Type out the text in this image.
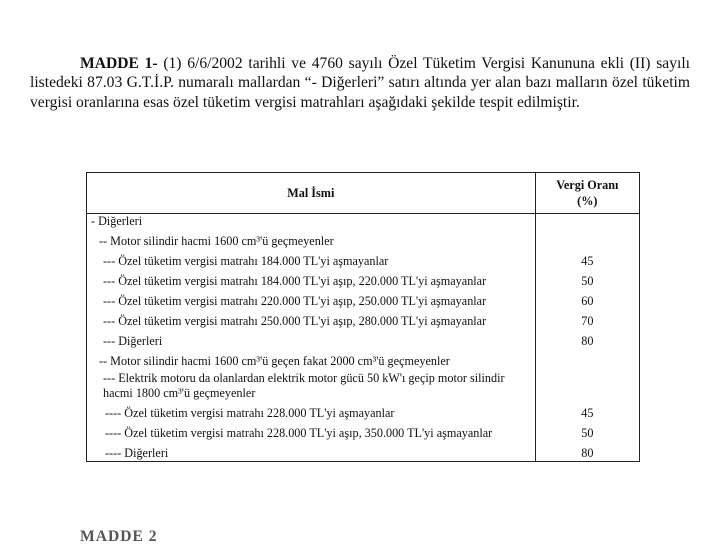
MADDE 1- (1) 6/6/2002 tarihli ve 4760 sayılı Özel Tüketim Vergisi Kanununa ekli (II) sayılı listedeki 87.03 G.T.İ.P. numaralı mallardan “- Diğerleri” satırı altında yer alan bazı malların özel tüketim vergisi oranlarına esas özel tüketim vergisi matrahları aşağıdaki şekilde tespit edilmiştir.

Mal İsmi	Vergi Oranı
(%)
- Diğerleri	
-- Motor silindir hacmi 1600 cm³'ü geçmeyenler	
--- Özel tüketim vergisi matrahı 184.000 TL'yi aşmayanlar	45
--- Özel tüketim vergisi matrahı 184.000 TL'yi aşıp, 220.000 TL'yi aşmayanlar	50
--- Özel tüketim vergisi matrahı 220.000 TL'yi aşıp, 250.000 TL'yi aşmayanlar	60
--- Özel tüketim vergisi matrahı 250.000 TL'yi aşıp, 280.000 TL'yi aşmayanlar	70
--- Diğerleri	80
-- Motor silindir hacmi 1600 cm³'ü geçen fakat 2000 cm³'ü geçmeyenler	
--- Elektrik motoru da olanlardan elektrik motor gücü 50 kW'ı geçip motor silindir hacmi 1800 cm³'ü geçmeyenler	
---- Özel tüketim vergisi matrahı 228.000 TL'yi aşmayanlar	45
---- Özel tüketim vergisi matrahı 228.000 TL'yi aşıp, 350.000 TL'yi aşmayanlar	50
---- Diğerleri	80
MADDE 2
